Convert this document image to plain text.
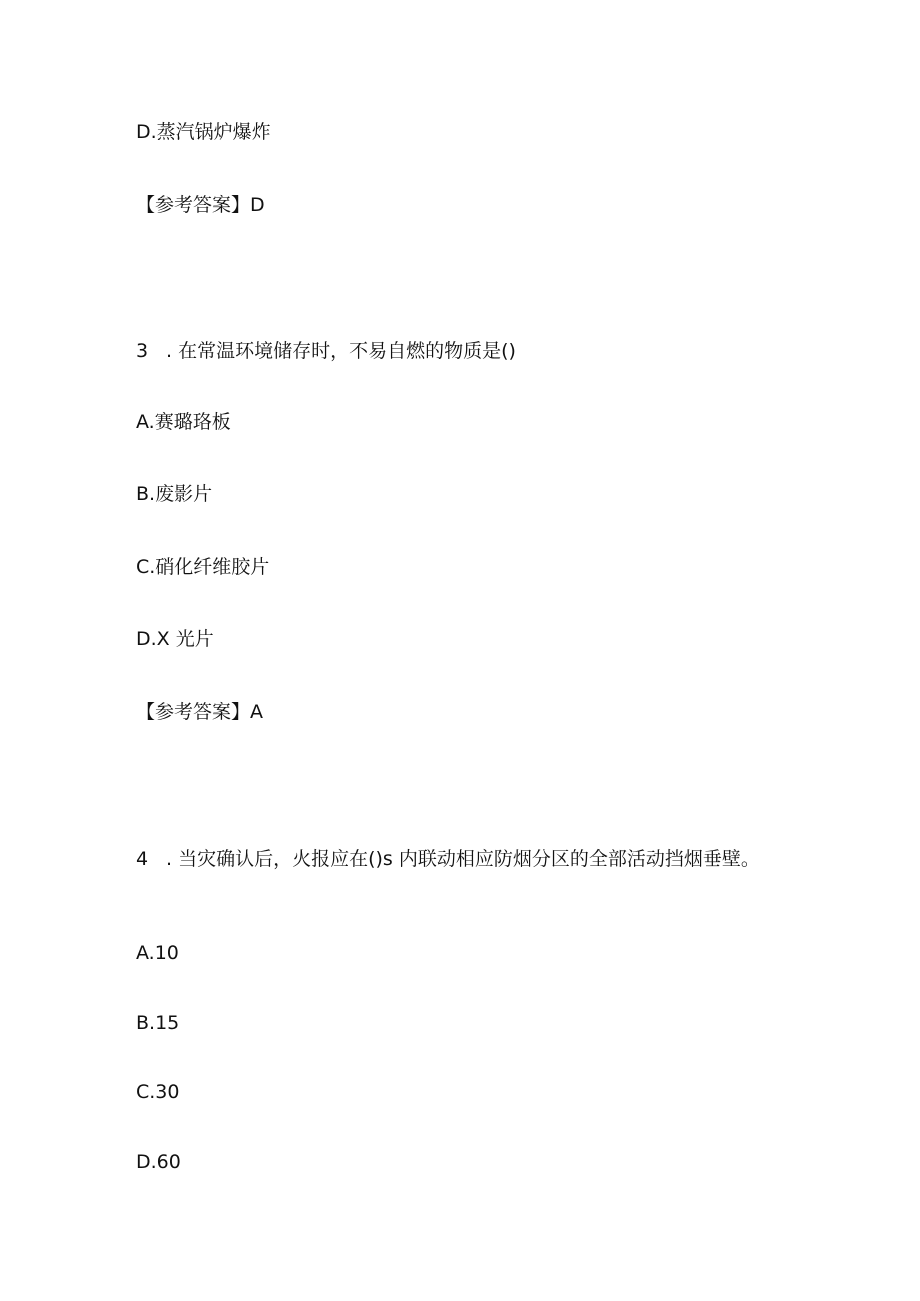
D.蒸汽锅炉爆炸
【参考答案】D
3 . 在常温环境储存时，不易自燃的物质是()
A.赛璐珞板
B.废影片
C.硝化纤维胶片
D.X 光片
【参考答案】A
4 . 当灾确认后，火报应在()s 内联动相应防烟分区的全部活动挡烟垂壁。
A.10
B.15
C.30
D.60
